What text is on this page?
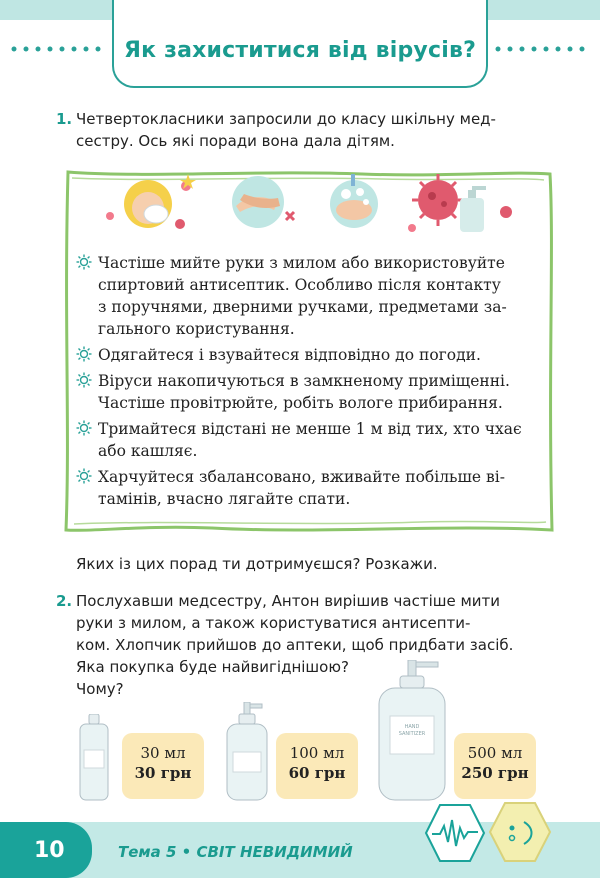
Як захиститися від вірусів?
1. Четвертокласники запросили до класу шкільну мед-
сестру. Ось які поради вона дала дітям.
Частіше мийте руки з милом або використовуйте
спиртовий антисептик. Особливо після контакту
з поручнями, дверними ручками, предметами за-
гального користування.
Одягайтеся і взувайтеся відповідно до погоди.
Віруси накопичуються в замкненому приміщенні.
Частіше провітрюйте, робіть вологе прибирання.
Тримайтеся відстані не менше 1 м від тих, хто чхає
або кашляє.
Харчуйтеся збалансовано, вживайте побільше ві-
тамінів, вчасно лягайте спати.
Яких із цих порад ти дотримуєшся? Розкажи.
2. Послухавши медсестру, Антон вирішив частіше мити
руки з милом, а також користуватися антисепти-
ком. Хлопчик прийшов до аптеки, щоб придбати засіб.
Яка покупка буде найвигіднішою?
Чому?
30 мл
30 грн
100 мл
60 грн
HAND
SANITIZER
500 мл
250 грн
10	Тема 5 • СВІТ НЕВИДИМИЙ
